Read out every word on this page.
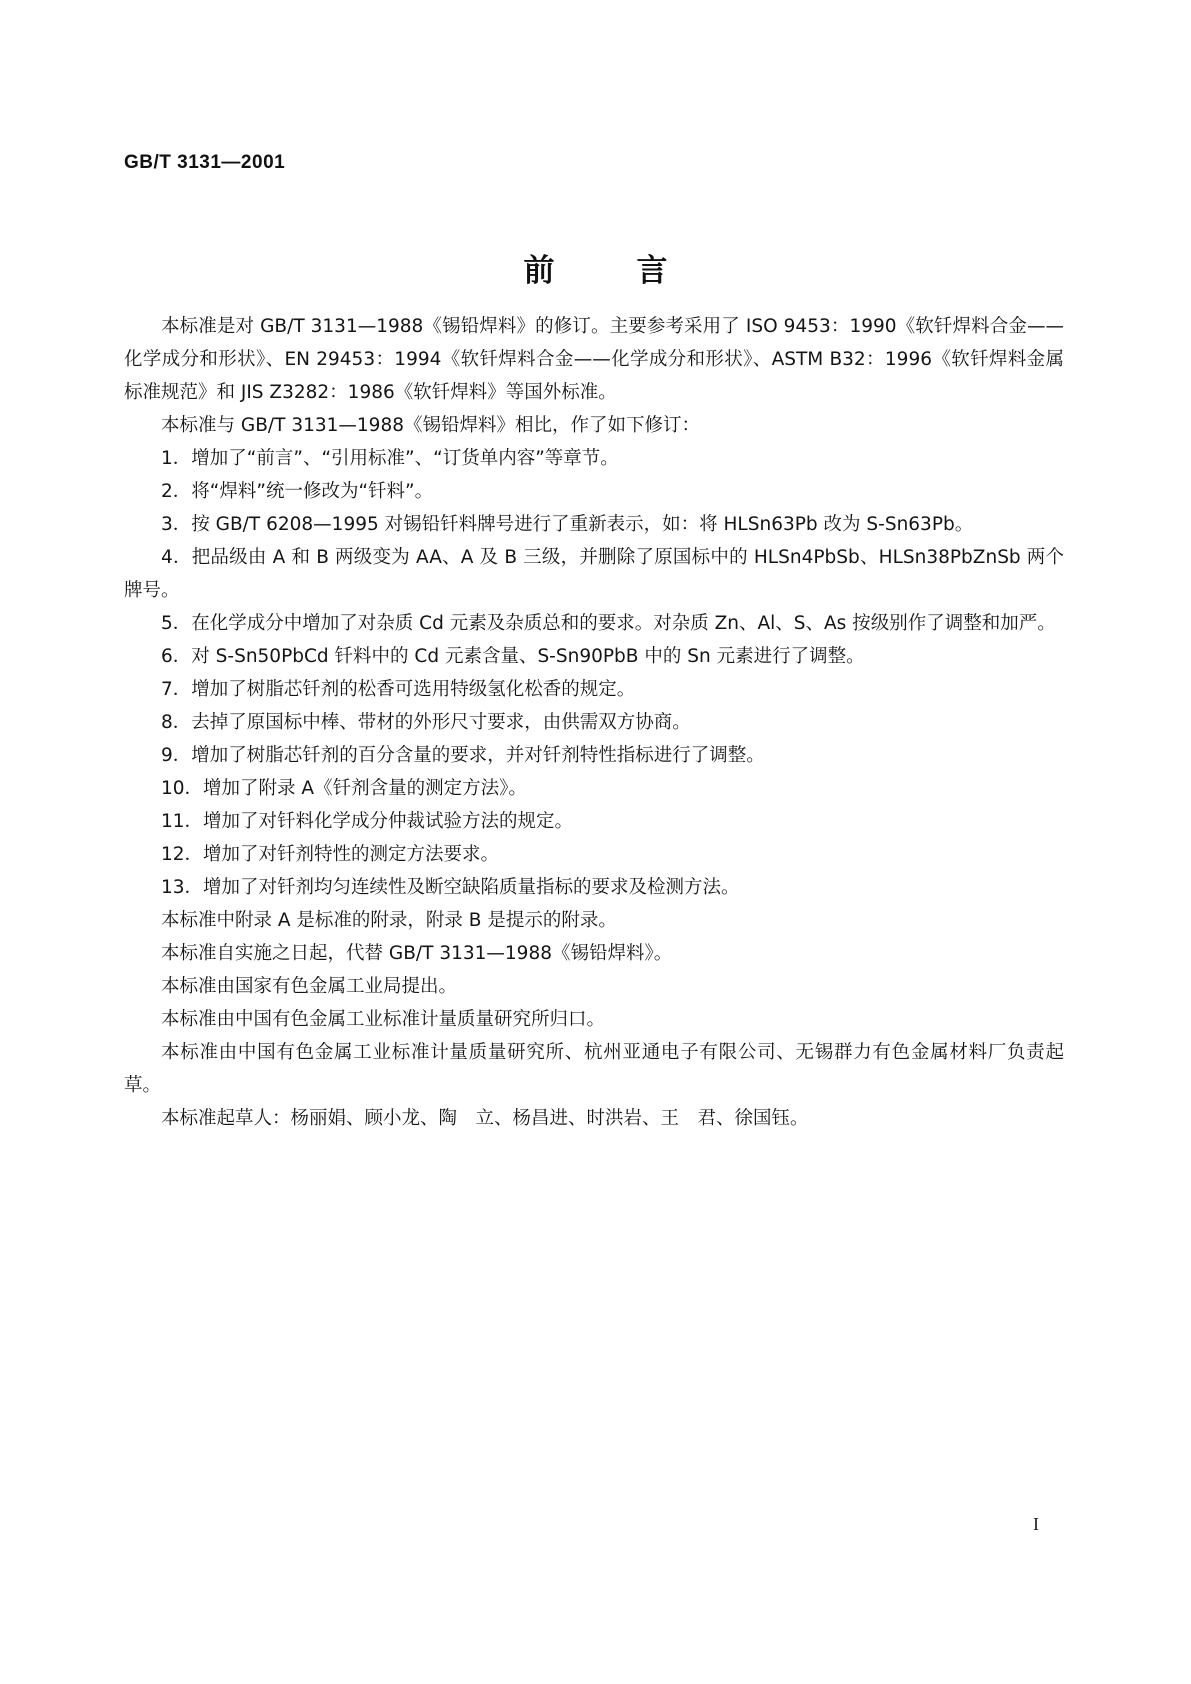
GB/T 3131—2001
前言

本标准是对 GB/T 3131—1988《锡铅焊料》的修订。主要参考采用了 ISO 9453：1990《软钎焊料合金——化学成分和形状》、EN 29453：1994《软钎焊料合金——化学成分和形状》、ASTM B32：1996《软钎焊料金属标准规范》和 JIS Z3282：1986《软钎焊料》等国外标准。

本标准与 GB/T 3131—1988《锡铅焊料》相比，作了如下修订：

1．增加了“前言”、“引用标准”、“订货单内容”等章节。

2．将“焊料”统一修改为“钎料”。

3．按 GB/T 6208—1995 对锡铅钎料牌号进行了重新表示，如：将 HLSn63Pb 改为 S-Sn63Pb。

4．把品级由 A 和 B 两级变为 AA、A 及 B 三级，并删除了原国标中的 HLSn4PbSb、HLSn38PbZnSb 两个牌号。

5．在化学成分中增加了对杂质 Cd 元素及杂质总和的要求。对杂质 Zn、Al、S、As 按级别作了调整和加严。

6．对 S-Sn50PbCd 钎料中的 Cd 元素含量、S-Sn90PbB 中的 Sn 元素进行了调整。

7．增加了树脂芯钎剂的松香可选用特级氢化松香的规定。

8．去掉了原国标中棒、带材的外形尺寸要求，由供需双方协商。

9．增加了树脂芯钎剂的百分含量的要求，并对钎剂特性指标进行了调整。

10．增加了附录 A《钎剂含量的测定方法》。

11．增加了对钎料化学成分仲裁试验方法的规定。

12．增加了对钎剂特性的测定方法要求。

13．增加了对钎剂均匀连续性及断空缺陷质量指标的要求及检测方法。

本标准中附录 A 是标准的附录，附录 B 是提示的附录。

本标准自实施之日起，代替 GB/T 3131—1988《锡铅焊料》。

本标准由国家有色金属工业局提出。

本标准由中国有色金属工业标准计量质量研究所归口。

本标准由中国有色金属工业标准计量质量研究所、杭州亚通电子有限公司、无锡群力有色金属材料厂负责起草。

本标准起草人：杨丽娟、顾小龙、陶　立、杨昌进、时洪岩、王　君、徐国钰。

I
